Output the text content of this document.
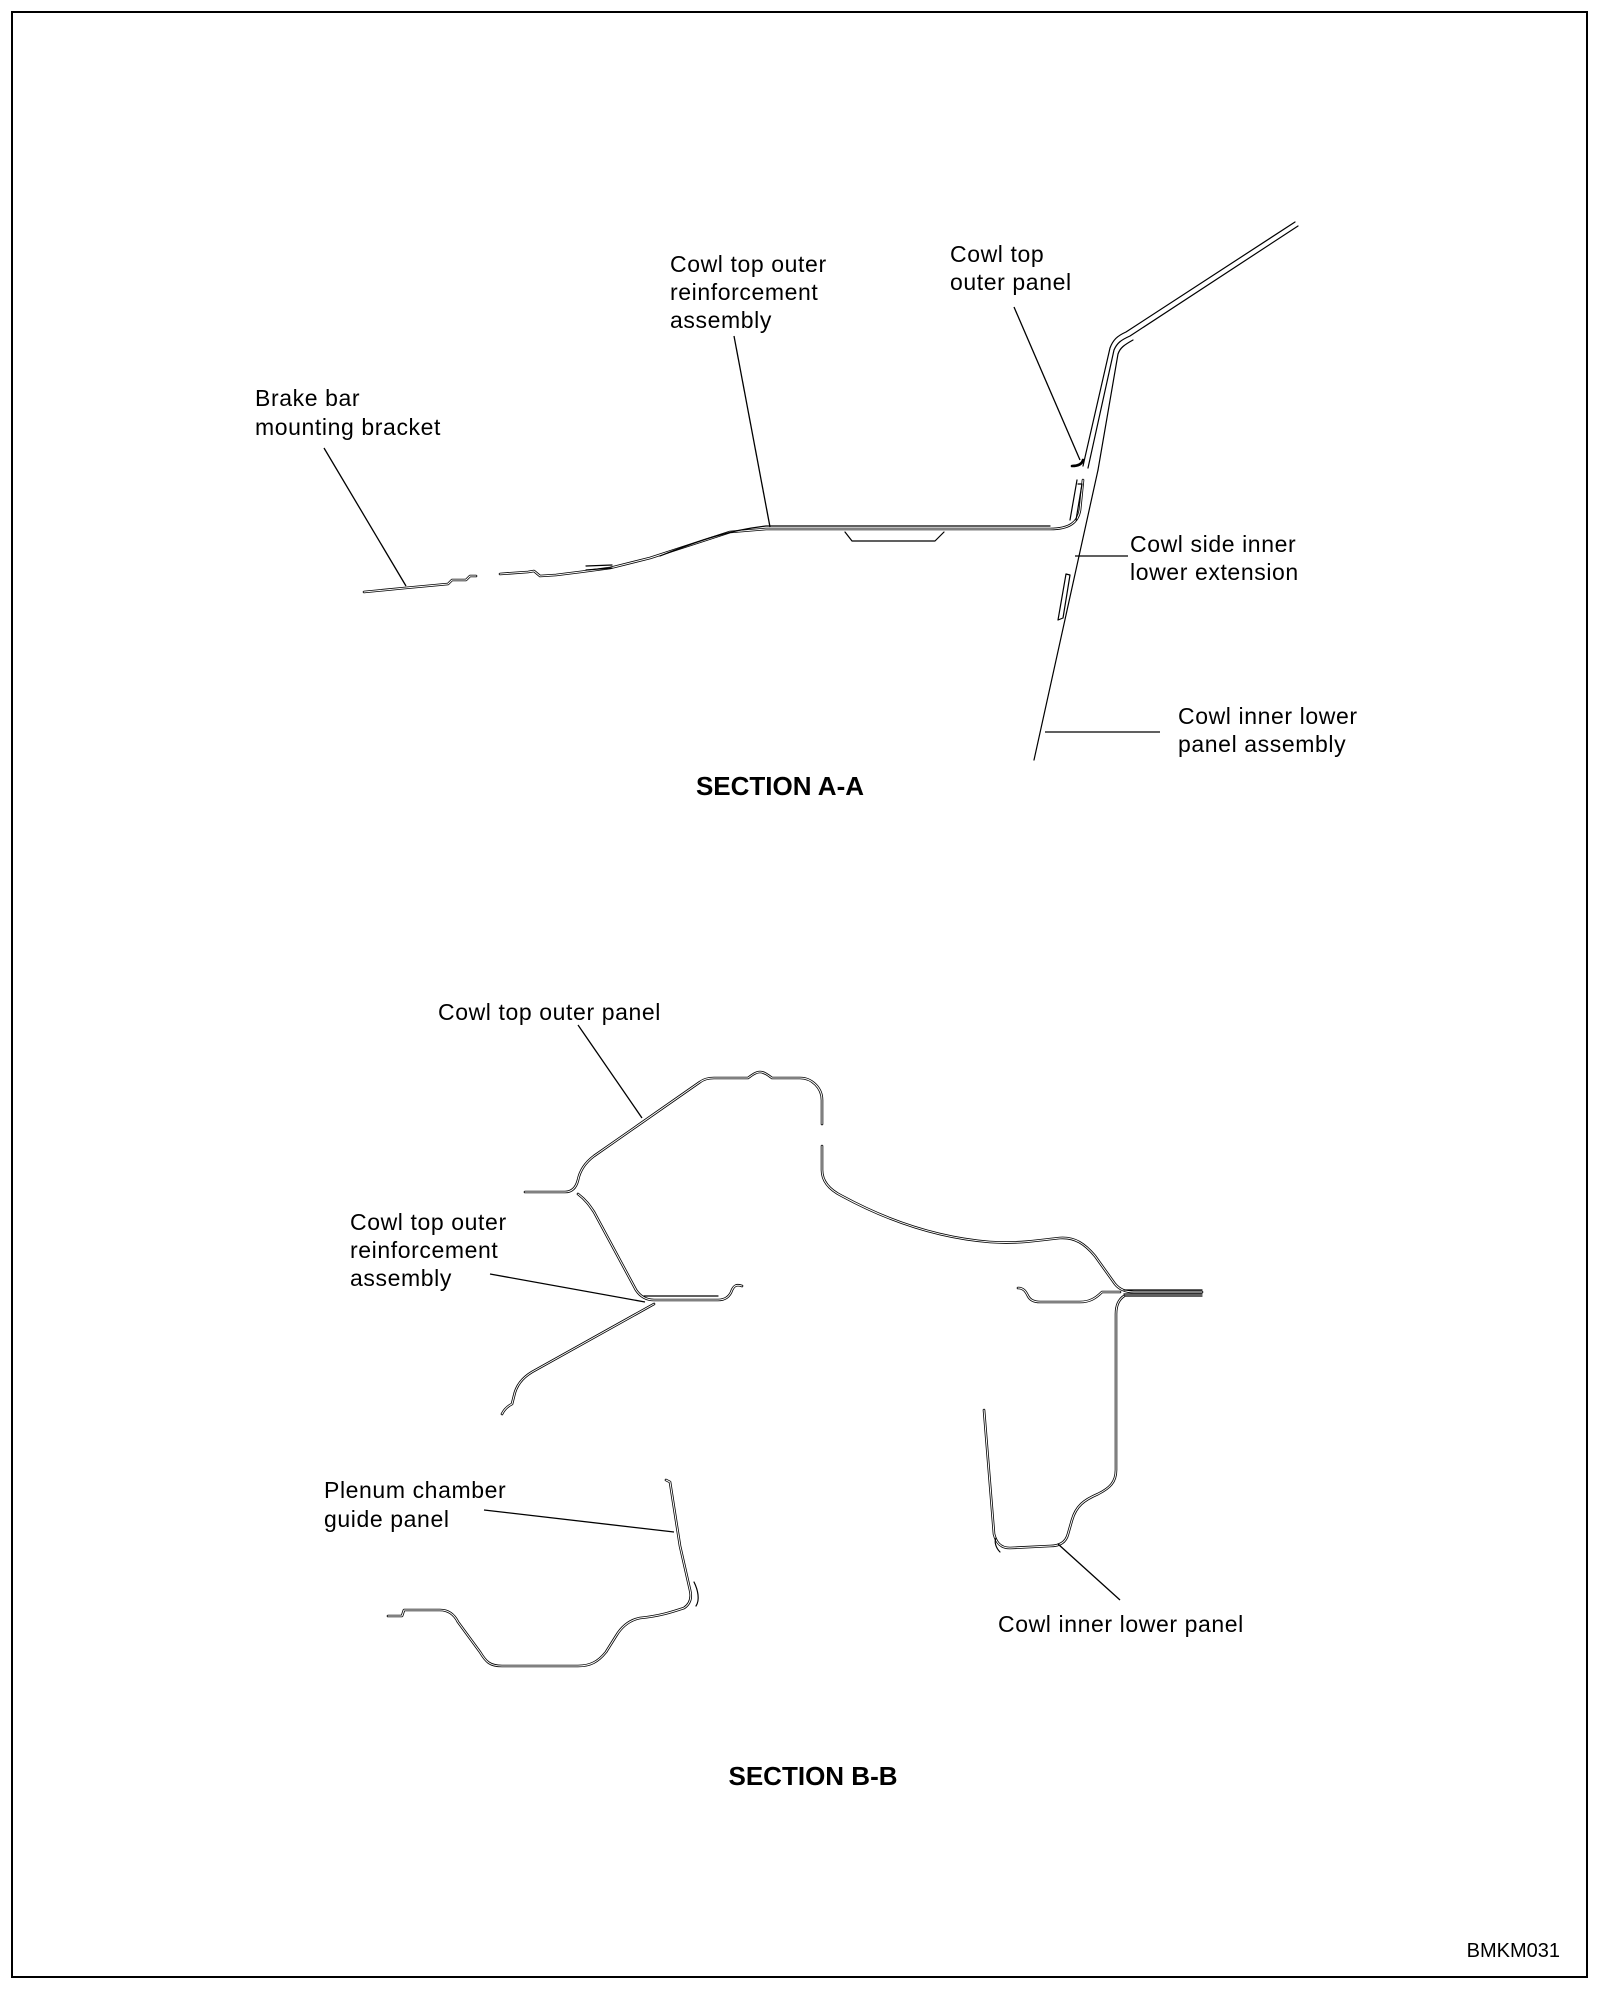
Brake bar mounting bracket
Cowl top outer reinforcement assembly
Cowl top outer panel
Cowl side inner lower extension
Cowl inner lower panel assembly
SECTION A-A
Cowl top outer panel
Cowl top outer reinforcement assembly
Plenum chamber guide panel
Cowl inner lower panel
SECTION B-B
BMKM031
